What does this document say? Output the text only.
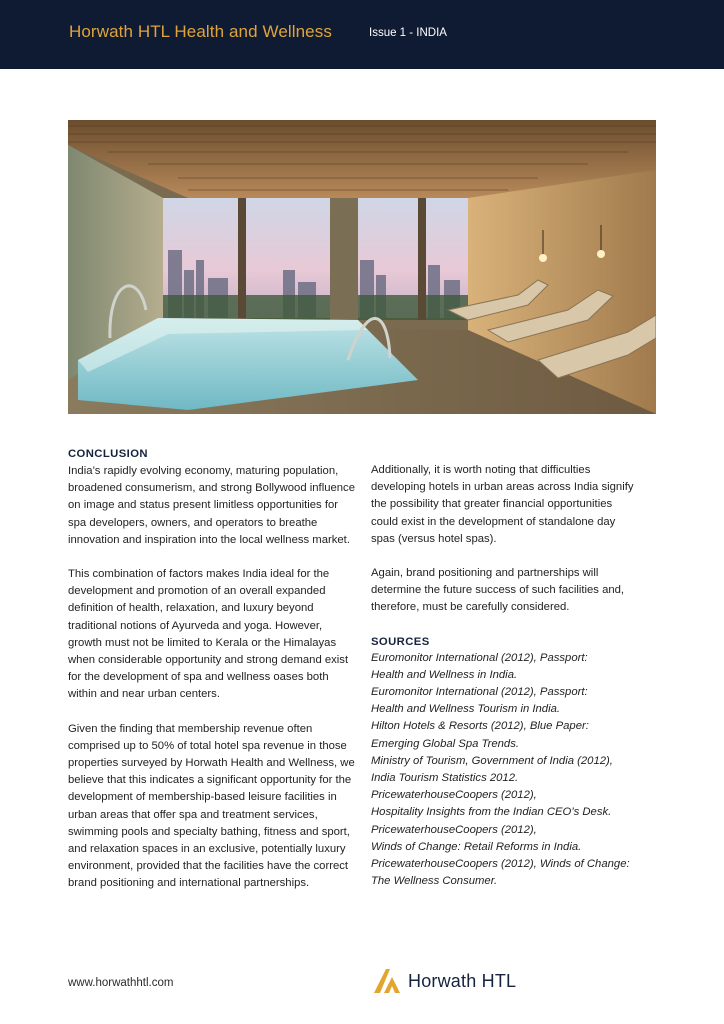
Horwath HTL Health and Wellness	Issue 1 - INDIA

CONCLUSION

India’s rapidly evolving economy, maturing population, broadened consumerism, and strong Bollywood influence on image and status present limitless opportunities for spa developers, owners, and operators to breathe innovation and inspiration into the local wellness market.

This combination of factors makes India ideal for the development and promotion of an overall expanded definition of health, relaxation, and luxury beyond traditional notions of Ayurveda and yoga. However, growth must not be limited to Kerala or the Himalayas when considerable opportunity and strong demand exist for the development of spa and wellness oases both within and near urban centers.

Given the finding that membership revenue often comprised up to 50% of total hotel spa revenue in those properties surveyed by Horwath Health and Wellness, we believe that this indicates a significant opportunity for the development of membership-based leisure facilities in urban areas that offer spa and treatment services, swimming pools and specialty bathing, fitness and sport, and relaxation spaces in an exclusive, potentially luxury environment, provided that the facilities have the correct brand positioning and international partnerships.

Additionally, it is worth noting that difficulties developing hotels in urban areas across India signify the possibility that greater financial opportunities could exist in the development of standalone day spas (versus hotel spas).

Again, brand positioning and partnerships will determine the future success of such facilities and, therefore, must be carefully considered.

SOURCES

Euromonitor International (2012), Passport:

Health and Wellness in India.

Euromonitor International (2012), Passport:

Health and Wellness Tourism in India.

Hilton Hotels & Resorts (2012), Blue Paper:

Emerging Global Spa Trends.

Ministry of Tourism, Government of India (2012),

India Tourism Statistics 2012.

PricewaterhouseCoopers (2012),

Hospitality Insights from the Indian CEO’s Desk.

PricewaterhouseCoopers (2012),

Winds of Change: Retail Reforms in India.

PricewaterhouseCoopers (2012), Winds of Change:

The Wellness Consumer.

www.horwathhtl.com	Horwath HTL
